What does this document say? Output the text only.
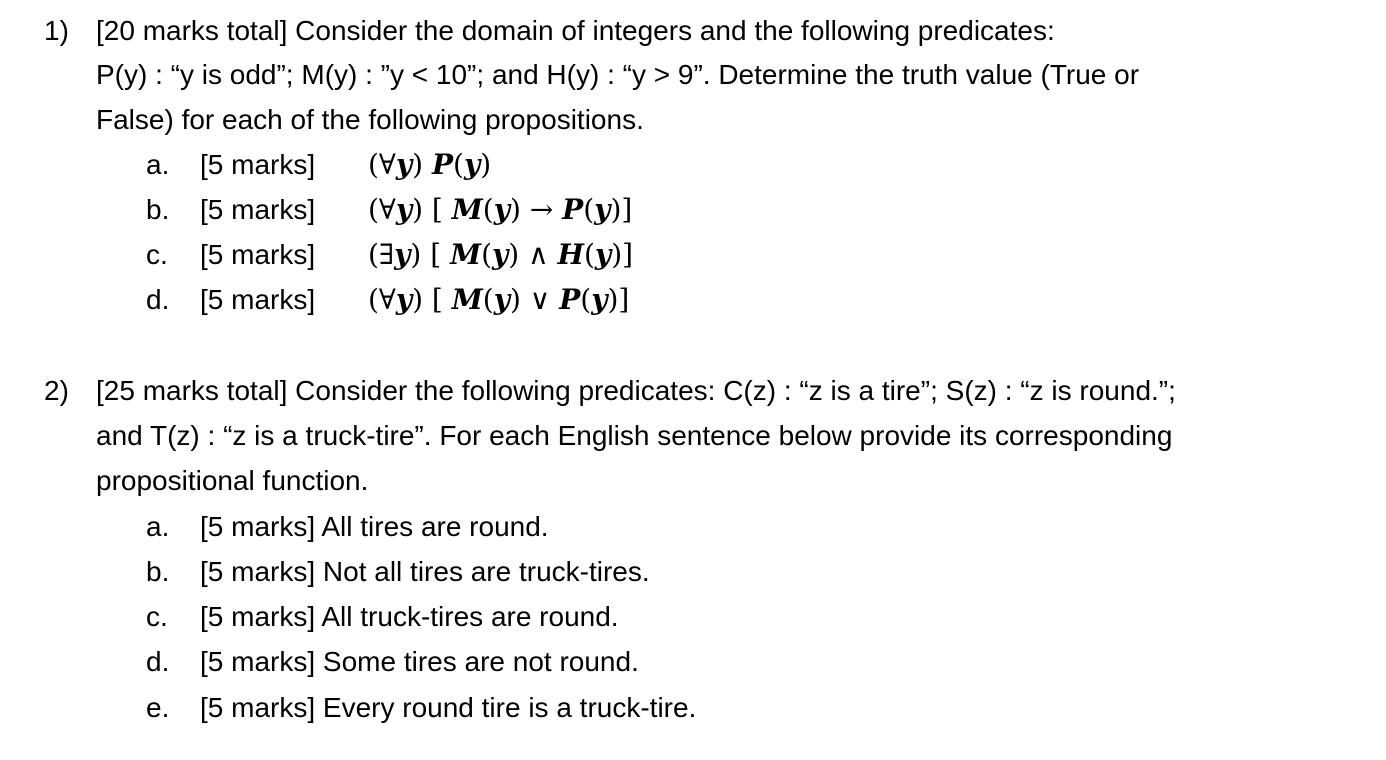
1) [20 marks total] Consider the domain of integers and the following predicates:
P(y) : “y is odd”; M(y) : ”y < 10”; and H(y) : “y > 9”. Determine the truth value (True or
False) for each of the following propositions.
a. [5 marks] (∀y) P(y)
b. [5 marks] (∀y) [ M(y) → P(y)]
c. [5 marks] (∃y) [ M(y) ∧ H(y)]
d. [5 marks] (∀y) [ M(y) ∨ P(y)]
2) [25 marks total] Consider the following predicates: C(z) : “z is a tire”; S(z) : “z is round.”;
and T(z) : “z is a truck-tire”. For each English sentence below provide its corresponding
propositional function.
a. [5 marks] All tires are round.
b. [5 marks] Not all tires are truck-tires.
c. [5 marks] All truck-tires are round.
d. [5 marks] Some tires are not round.
e. [5 marks] Every round tire is a truck-tire.
